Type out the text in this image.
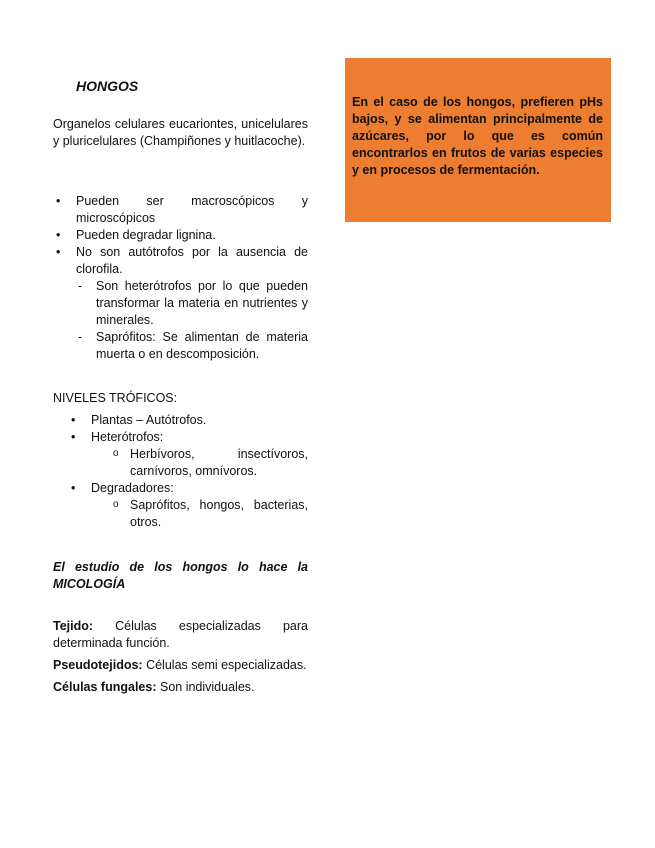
HONGOS
Organelos celulares eucariontes, unicelulares y pluricelulares (Champiñones y huitlacoche).
• Pueden ser macroscópicos y microscópicos
• Pueden degradar lignina.
• No son autótrofos por la ausencia de clorofila.
- Son heterótrofos por lo que pueden transformar la materia en nutrientes y minerales.
- Saprófitos: Se alimentan de materia muerta o en descomposición.
NIVELES TRÓFICOS:
• Plantas – Autótrofos.
• Heterótrofos:
o Herbívoros, insectívoros, carnívoros, omnívoros.
• Degradadores:
o Saprófitos, hongos, bacterias, otros.
El estudio de los hongos lo hace la MICOLOGÍA

Tejido: Células especializadas para determinada función.

Pseudotejidos: Células semi especializadas.

Células fungales: Son individuales.

En el caso de los hongos, prefieren pHs bajos, y se alimentan principalmente de azúcares, por lo que es común encontrarlos en frutos de varias especies y en procesos de fermentación.
